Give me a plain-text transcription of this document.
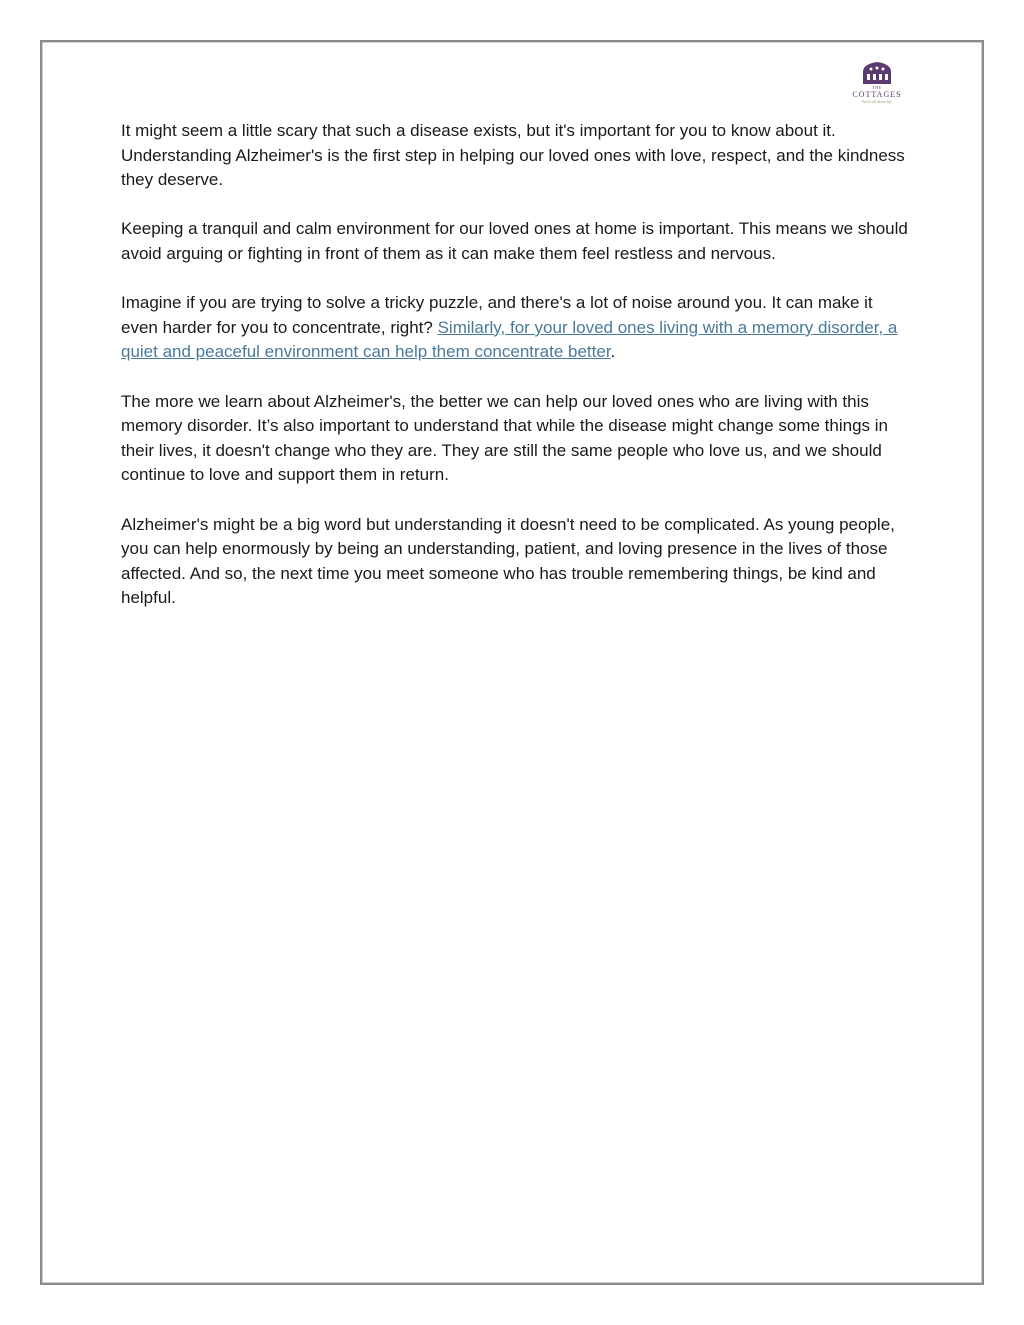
THE
COTTAGES
We're all about life

It might seem a little scary that such a disease exists, but it's important for you to know about it. Understanding Alzheimer's is the first step in helping our loved ones with love, respect, and the kindness they deserve.

Keeping a tranquil and calm environment for our loved ones at home is important. This means we should avoid arguing or fighting in front of them as it can make them feel restless and nervous.

Imagine if you are trying to solve a tricky puzzle, and there's a lot of noise around you. It can make it even harder for you to concentrate, right? Similarly, for your loved ones living with a memory disorder, a quiet and peaceful environment can help them concentrate better.

The more we learn about Alzheimer's, the better we can help our loved ones who are living with this memory disorder. It’s also important to understand that while the disease might change some things in their lives, it doesn't change who they are. They are still the same people who love us, and we should continue to love and support them in return.

Alzheimer's might be a big word but understanding it doesn't need to be complicated. As young people, you can help enormously by being an understanding, patient, and loving presence in the lives of those affected. And so, the next time you meet someone who has trouble remembering things, be kind and helpful.
